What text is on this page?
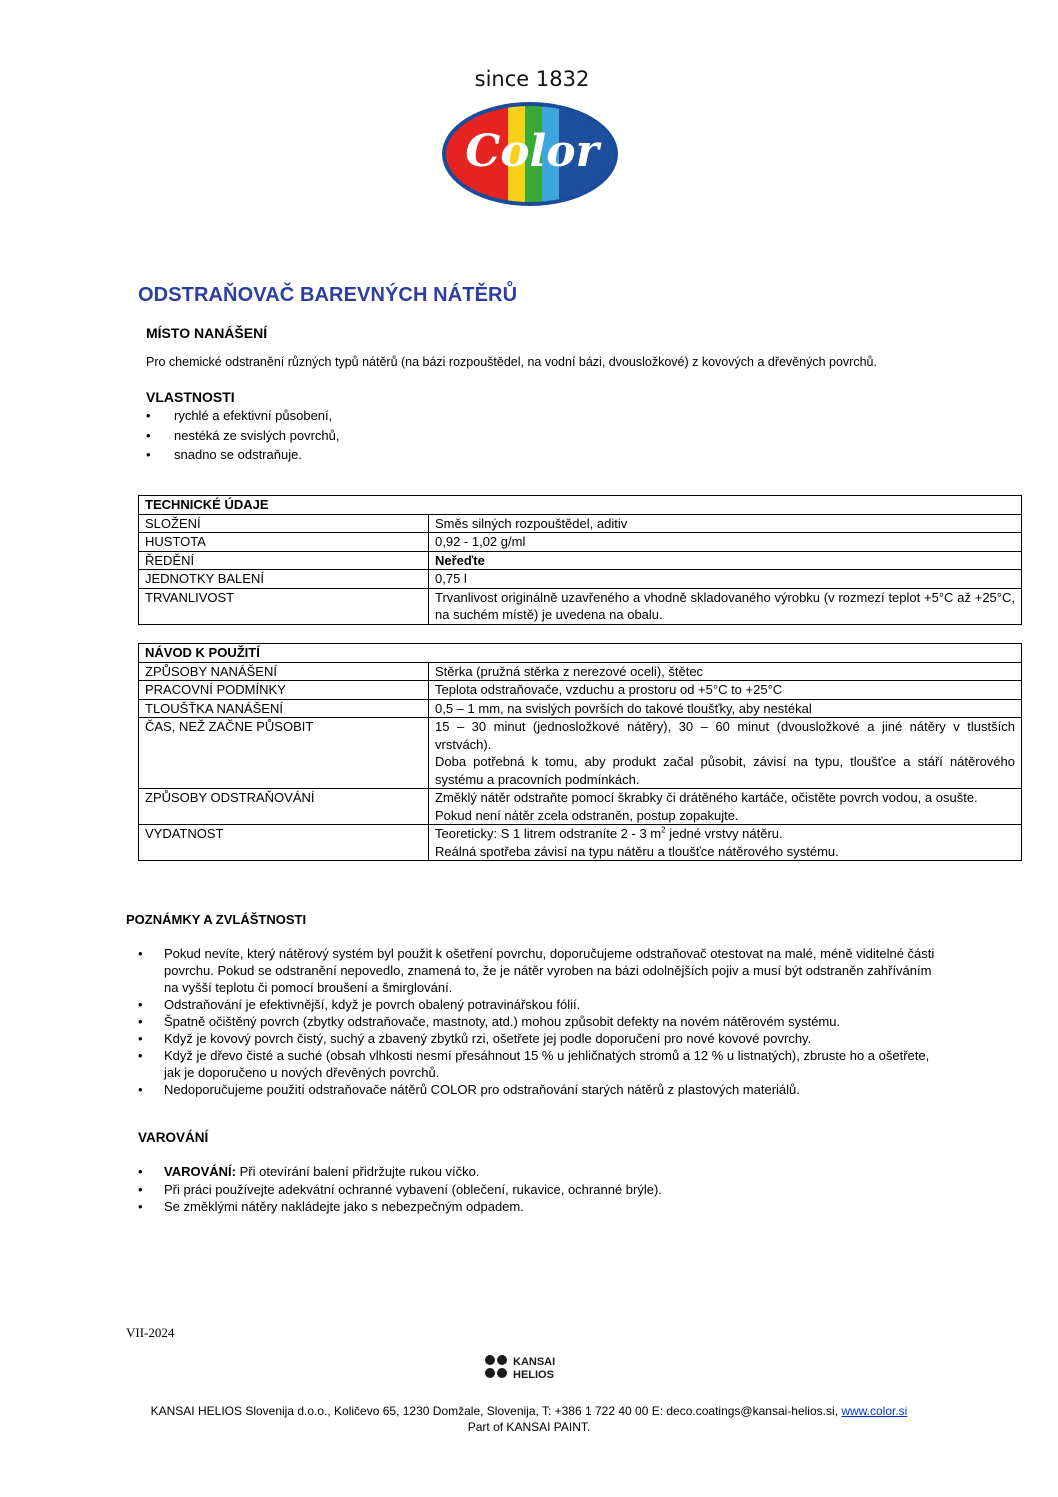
since 1832
Color
ODSTRAŇOVAČ BAREVNÝCH NÁTĚRŮ
MÍSTO NANÁŠENÍ
Pro chemické odstranění různých typů nátěrů (na bázi rozpouštědel, na vodní bázi, dvousložkové) z kovových a dřevěných povrchů.
VLASTNOSTI
• rychlé a efektivní působení,
• nestéká ze svislých povrchů,
• snadno se odstraňuje.
TECHNICKÉ ÚDAJE	
SLOŽENÍ	Směs silných rozpouštědel, aditiv
HUSTOTA	0,92 - 1,02 g/ml
ŘEDĚNÍ	Neřeďte
JEDNOTKY BALENÍ	0,75 l
TRVANLIVOST	Trvanlivost originálně uzavřeného a vhodně skladovaného výrobku (v rozmezí teplot +5°C až +25°C, na suchém místě) je uvedena na obalu.
NÁVOD K POUŽITÍ	
ZPŮSOBY NANÁŠENÍ	Stěrka (pružná stěrka z nerezové oceli), štětec
PRACOVNÍ PODMÍNKY	Teplota odstraňovače, vzduchu a prostoru od +5°C to +25°C
TLOUŠŤKA NANÁŠENÍ	0,5 – 1 mm, na svislých površích do takové tloušťky, aby nestékal
ČAS, NEŽ ZAČNE PŮSOBIT	15 – 30 minut (jednosložkové nátěry), 30 – 60 minut (dvousložkové a jiné nátěry v tlustších vrstvách).
Doba potřebná k tomu, aby produkt začal působit, závisí na typu, tloušťce a stáří nátěrového systému a pracovních podmínkách.

ZPŮSOBY ODSTRAŇOVÁNÍ	Změklý nátěr odstraňte pomocí škrabky či drátěného kartáče, očistěte povrch vodou, a osušte.
Pokud není nátěr zcela odstraněn, postup zopakujte.

VYDATNOST	Teoreticky: S 1 litrem odstraníte 2 - 3 $m^2$ jedné vrstvy nátěru.
Reálná spotřeba závisí na typu nátěru a tloušťce nátěrového systému.
POZNÁMKY A ZVLÁŠTNOSTI
• Pokud nevíte, který nátěrový systém byl použit k ošetření povrchu, doporučujeme odstraňovač otestovat na malé, méně viditelné části povrchu. Pokud se odstranění nepovedlo, znamená to, že je nátěr vyroben na bázi odolnějších pojiv a musí být odstraněn zahříváním na vyšší teplotu či pomocí broušení a šmirglování.
• Odstraňování je efektivnější, když je povrch obalený potravinářskou fólií.
• Špatně očištěný povrch (zbytky odstraňovače, mastnoty, atd.) mohou způsobit defekty na novém nátěrovém systému.
• Když je kovový povrch čistý, suchý a zbavený zbytků rzi, ošetřete jej podle doporučení pro nové kovové povrchy.
• Když je dřevo čisté a suché (obsah vlhkosti nesmí přesáhnout 15 % u jehličnatých stromů a 12 % u listnatých), zbruste ho a ošetřete, jak je doporučeno u nových dřevěných povrchů.
• Nedoporučujeme použití odstraňovače nátěrů COLOR pro odstraňování starých nátěrů z plastových materiálů.
VAROVÁNÍ
• VAROVÁNÍ: Při otevírání balení přidržujte rukou víčko.
• Při práci používejte adekvátní ochranné vybavení (oblečení, rukavice, ochranné brýle).
• Se změklými nátěry nakládejte jako s nebezpečným odpadem.
VII-2024
KANSAI
HELIOS
KANSAI HELIOS Slovenija d.o.o., Količevo 65, 1230 Domžale, Slovenija, T: +386 1 722 40 00 E: deco.coatings@kansai-helios.si, www.color.si
Part of KANSAI PAINT.
